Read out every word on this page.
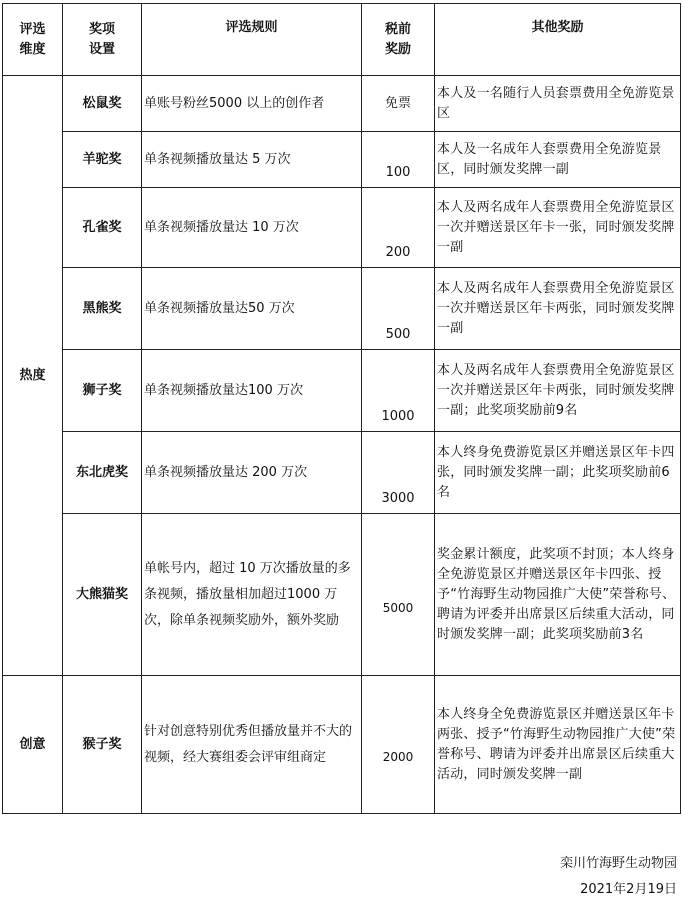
评选维度	奖项设置	评选规则	税前奖励	其他奖励
热度	松鼠奖	单账号粉丝5000 以上的创作者	免票	本人及一名随行人员套票费用全免游览景区
	羊驼奖	单条视频播放量达 5 万次	100	本人及一名成年人套票费用全免游览景区，同时颁发奖牌一副
	孔雀奖	单条视频播放量达 10 万次	200	本人及两名成年人套票费用全免游览景区一次并赠送景区年卡一张，同时颁发奖牌一副
	黑熊奖	单条视频播放量达50 万次	500	本人及两名成年人套票费用全免游览景区一次并赠送景区年卡两张，同时颁发奖牌一副
	狮子奖	单条视频播放量达100 万次	1000	本人及两名成年人套票费用全免游览景区一次并赠送景区年卡两张，同时颁发奖牌一副；此奖项奖励前9名
	东北虎奖	单条视频播放量达 200 万次	3000	本人终身免费游览景区并赠送景区年卡四张，同时颁发奖牌一副；此奖项奖励前6名
	大熊猫奖	单帐号内，超过 10 万次播放量的多条视频，播放量相加超过1000 万次，除单条视频奖励外，额外奖励	5000	奖金累计额度，此奖项不封顶；本人终身全免游览景区并赠送景区年卡四张、授予“竹海野生动物园推广大使”荣誉称号、聘请为评委并出席景区后续重大活动，同时颁发奖牌一副；此奖项奖励前3名
创意	猴子奖	针对创意特别优秀但播放量并不大的视频，经大赛组委会评审组商定	2000	本人终身全免费游览景区并赠送景区年卡两张、授予“竹海野生动物园推广大使”荣誉称号、聘请为评委并出席景区后续重大活动，同时颁发奖牌一副
栾川竹海野生动物园
2021年2月19日
